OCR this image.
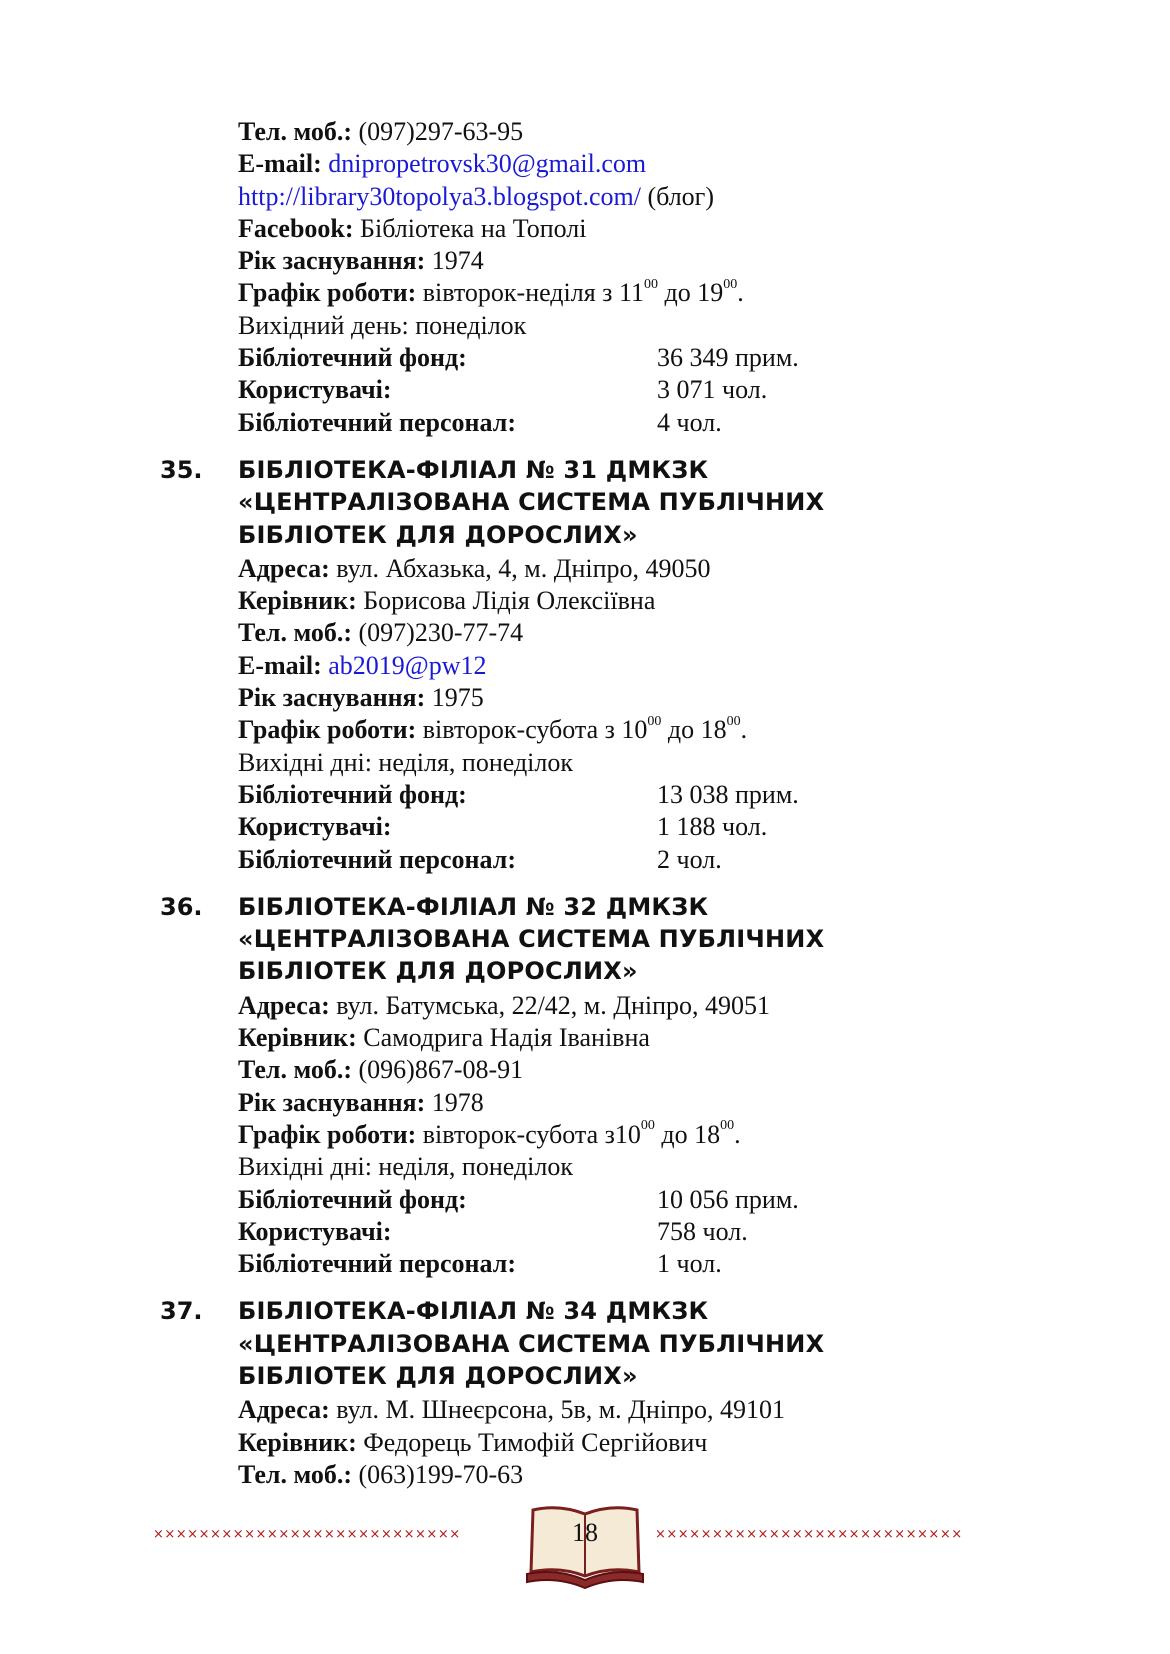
Тел. моб.: (097)297-63-95
E-mail: dnipropetrovsk30@gmail.com
http://library30topolya3.blogspot.com/ (блог)
Facebook: Бібліотека на Тополі
Рік заснування: 1974
Графік роботи: вівторок-неділя з $11^{00}$ до $19^{00}$.
Вихідний день: понеділок
Бібліотечний фонд:	36 349 прим.
Користувачі:	3 071 чол.
Бібліотечний персонал:	4 чол.
35. БІБЛІОТЕКА-ФІЛІАЛ № 31 ДМКЗК
«ЦЕНТРАЛІЗОВАНА СИСТЕМА ПУБЛІЧНИХ
БІБЛІОТЕК ДЛЯ ДОРОСЛИХ»
Адреса: вул. Абхазька, 4, м. Дніпро, 49050
Керівник: Борисова Лідія Олексіївна
Тел. моб.: (097)230-77-74
E-mail: ab2019@pw12
Рік заснування: 1975
Графік роботи: вівторок-субота з $10^{00}$ до $18^{00}$.
Вихідні дні: неділя, понеділок
Бібліотечний фонд:	13 038 прим.
Користувачі:	1 188 чол.
Бібліотечний персонал:	2 чол.
36. БІБЛІОТЕКА-ФІЛІАЛ № 32 ДМКЗК
«ЦЕНТРАЛІЗОВАНА СИСТЕМА ПУБЛІЧНИХ
БІБЛІОТЕК ДЛЯ ДОРОСЛИХ»
Адреса: вул. Батумська, 22/42, м. Дніпро, 49051
Керівник: Самодрига Надія Іванівна
Тел. моб.: (096)867-08-91
Рік заснування: 1978
Графік роботи: вівторок-субота $з10^{00}$ до $18^{00}$.
Вихідні дні: неділя, понеділок
Бібліотечний фонд:	10 056 прим.
Користувачі:	758 чол.
Бібліотечний персонал:	1 чол.
37. БІБЛІОТЕКА-ФІЛІАЛ № 34 ДМКЗК
«ЦЕНТРАЛІЗОВАНА СИСТЕМА ПУБЛІЧНИХ
БІБЛІОТЕК ДЛЯ ДОРОСЛИХ»
Адреса: вул. М. Шнеєрсона, 5в, м. Дніпро, 49101
Керівник: Федорець Тимофій Сергійович
Тел. моб.: (063)199-70-63
×××××××××××××××××××××××××××	×××××××××××××××××××××××××××
18
